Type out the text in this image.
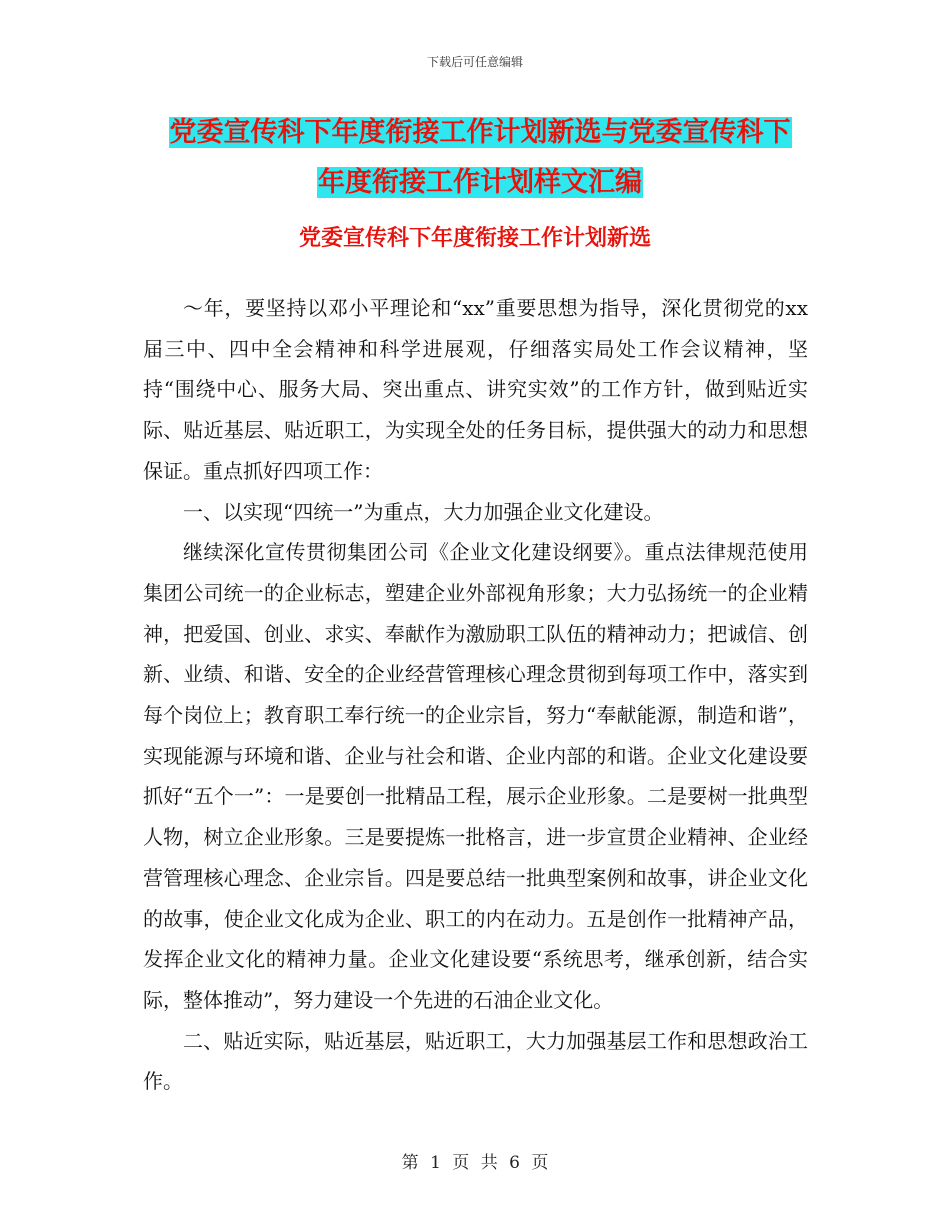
下载后可任意编辑
党委宣传科下年度衔接工作计划新选与党委宣传科下
年度衔接工作计划样文汇编
党委宣传科下年度衔接工作计划新选

～年，要坚持以邓小平理论和“xx”重要思想为指导，深化贯彻党的xx届三中、四中全会精神和科学进展观，仔细落实局处工作会议精神，坚持“围绕中心、服务大局、突出重点、讲究实效”的工作方针，做到贴近实际、贴近基层、贴近职工，为实现全处的任务目标，提供强大的动力和思想保证。重点抓好四项工作：

一、以实现“四统一”为重点，大力加强企业文化建设。

继续深化宣传贯彻集团公司《企业文化建设纲要》。重点法律规范使用集团公司统一的企业标志，塑建企业外部视角形象；大力弘扬统一的企业精神，把爱国、创业、求实、奉献作为激励职工队伍的精神动力；把诚信、创新、业绩、和谐、安全的企业经营管理核心理念贯彻到每项工作中，落实到每个岗位上；教育职工奉行统一的企业宗旨，努力“奉献能源，制造和谐”，实现能源与环境和谐、企业与社会和谐、企业内部的和谐。企业文化建设要抓好“五个一”：一是要创一批精品工程，展示企业形象。二是要树一批典型人物，树立企业形象。三是要提炼一批格言，进一步宣贯企业精神、企业经营管理核心理念、企业宗旨。四是要总结一批典型案例和故事，讲企业文化的故事，使企业文化成为企业、职工的内在动力。五是创作一批精神产品，发挥企业文化的精神力量。企业文化建设要“系统思考，继承创新，结合实际，整体推动”，努力建设一个先进的石油企业文化。

二、贴近实际，贴近基层，贴近职工，大力加强基层工作和思想政治工作。

第 1 页 共 6 页
